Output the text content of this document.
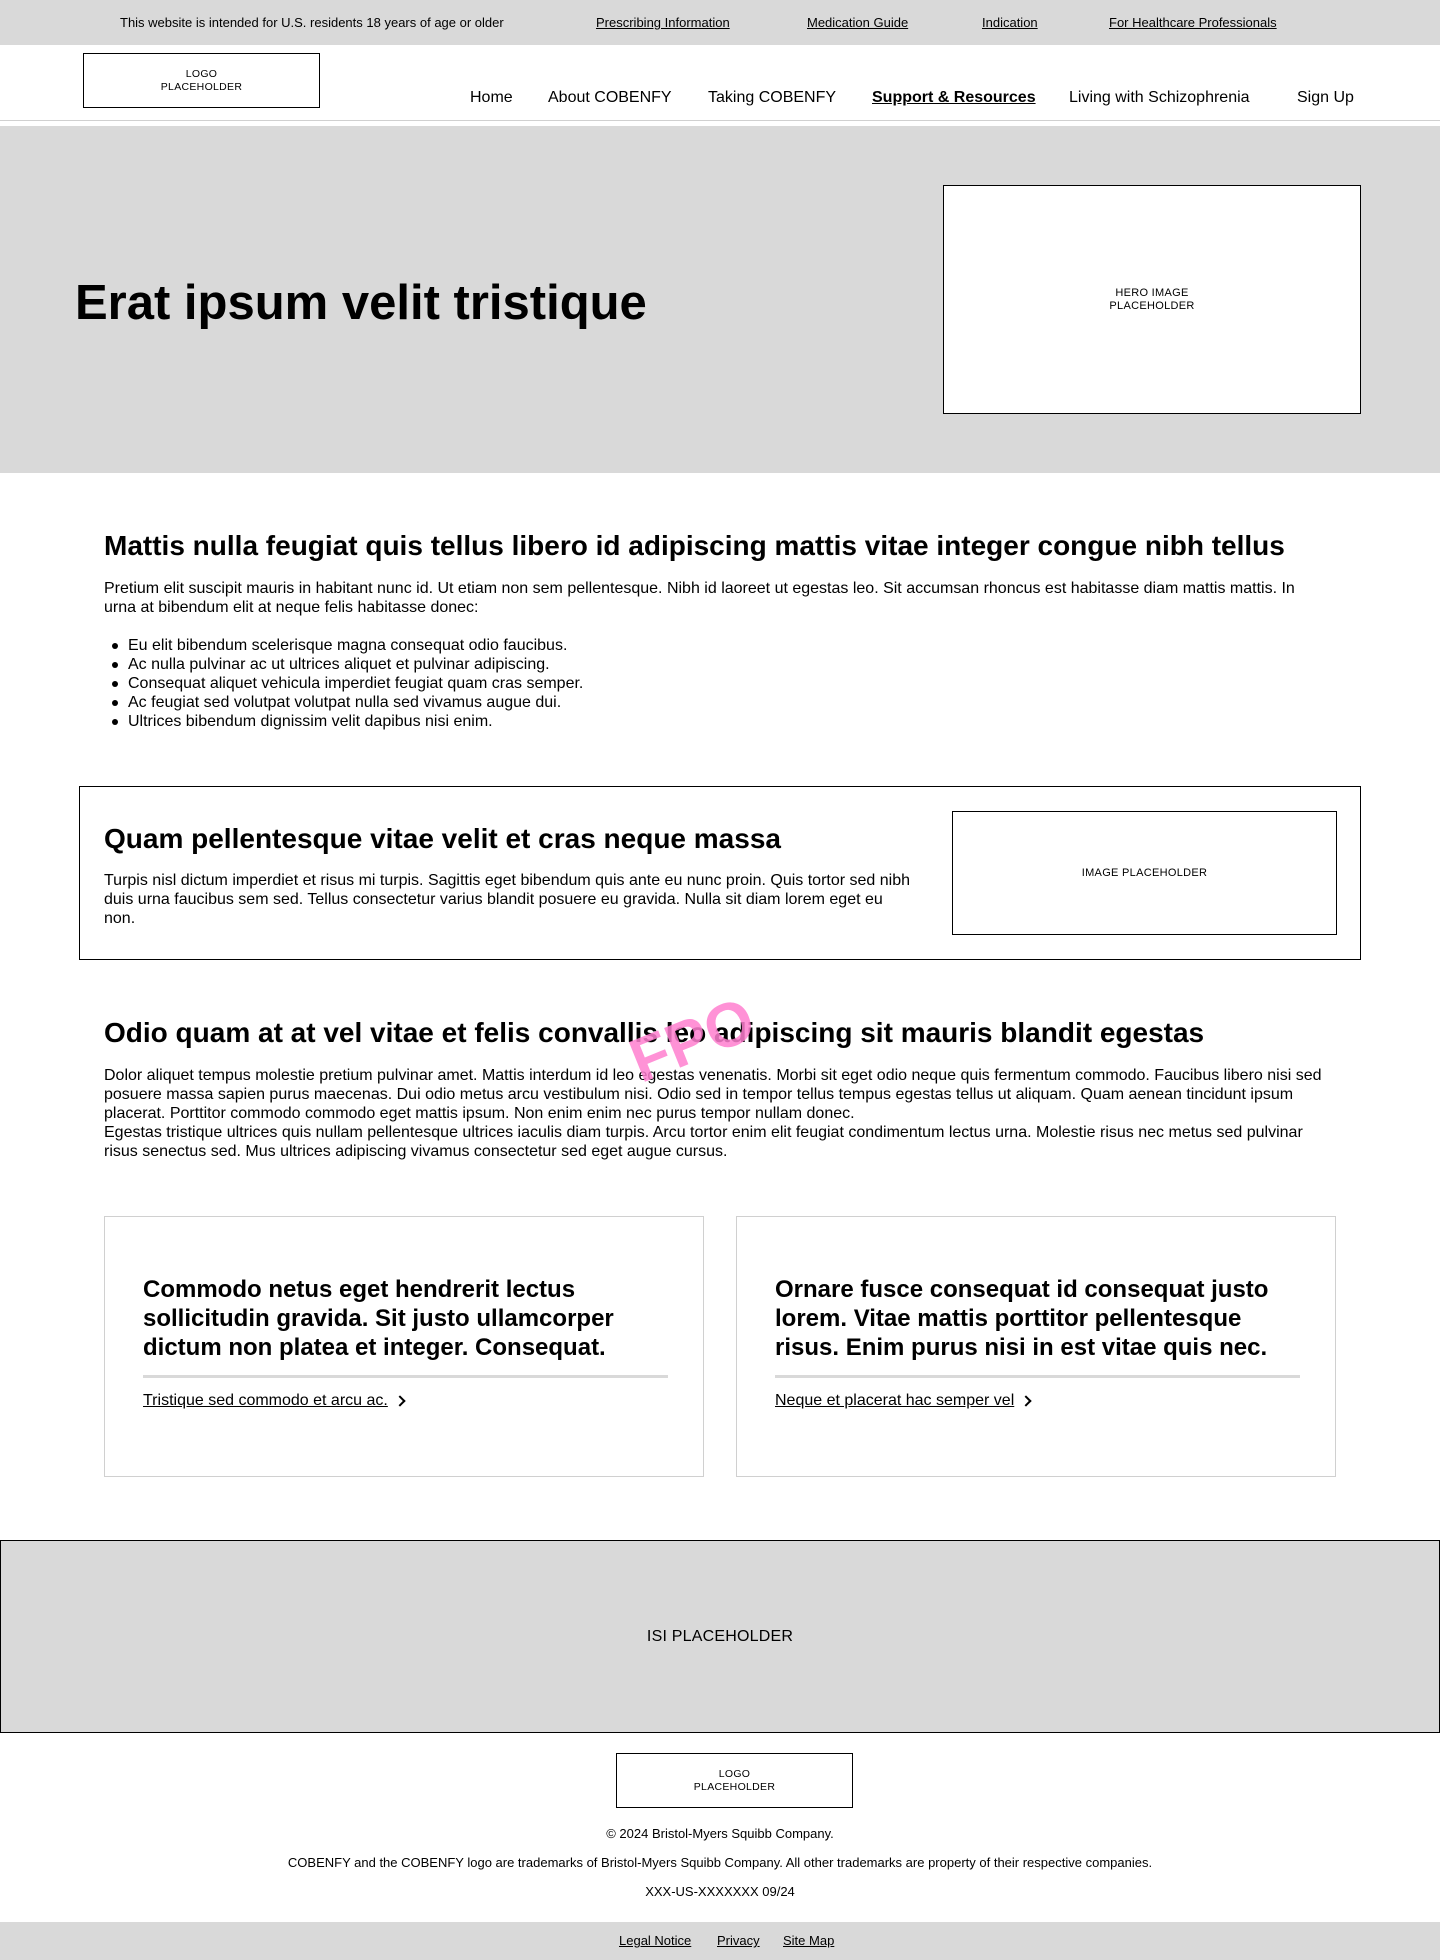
This website is intended for U.S. residents 18 years of age or older	Prescribing Information	Medication Guide	Indication	For Healthcare Professionals
LOGO
PLACEHOLDER
Home About COBENFY Taking COBENFY Support & Resources Living with Schizophrenia	Sign Up
Erat ipsum velit tristique	HERO IMAGE
PLACEHOLDER
Mattis nulla feugiat quis tellus libero id adipiscing mattis vitae integer congue nibh tellus

Pretium elit suscipit mauris in habitant nunc id. Ut etiam non sem pellentesque. Nibh id laoreet ut egestas leo. Sit accumsan rhoncus est habitasse diam mattis mattis. In urna at bibendum elit at neque felis habitasse donec:

Eu elit bibendum scelerisque magna consequat odio faucibus.
Ac nulla pulvinar ac ut ultrices aliquet et pulvinar adipiscing.
Consequat aliquet vehicula imperdiet feugiat quam cras semper.
Ac feugiat sed volutpat volutpat nulla sed vivamus augue dui.
Ultrices bibendum dignissim velit dapibus nisi enim.
Quam pellentesque vitae velit et cras neque massa

Turpis nisl dictum imperdiet et risus mi turpis. Sagittis eget bibendum quis ante eu nunc proin. Quis tortor sed nibh duis urna faucibus sem sed. Tellus consectetur varius blandit posuere eu gravida. Nulla sit diam lorem eget eu non.

IMAGE PLACEHOLDER
Odio quam at at vel vitae et felis convallis leo adipiscing sit mauris blandit egestas

Dolor aliquet tempus molestie pretium pulvinar amet. Mattis interdum id leo egestas venenatis. Morbi sit eget odio neque quis fermentum commodo. Faucibus libero nisi sed posuere massa sapien purus maecenas. Dui odio metus arcu vestibulum nisi. Odio sed in tempor tellus tempus egestas tellus ut aliquam. Quam aenean tincidunt ipsum placerat. Porttitor commodo commodo eget mattis ipsum. Non enim enim nec purus tempor nullam donec.

Egestas tristique ultrices quis nullam pellentesque ultrices iaculis diam turpis. Arcu tortor enim elit feugiat condimentum lectus urna. Molestie risus nec metus sed pulvinar risus senectus sed. Mus ultrices adipiscing vivamus consectetur sed eget augue cursus.

FPO
Commodo netus eget hendrerit lectus sollicitudin gravida. Sit justo ullamcorper dictum non platea et integer. Consequat.
Tristique sed commodo et arcu ac.
Ornare fusce consequat id consequat justo lorem. Vitae mattis porttitor pellentesque risus. Enim purus nisi in est vitae quis nec.
Neque et placerat hac semper vel
ISI PLACEHOLDER
LOGO
PLACEHOLDER

© 2024 Bristol-Myers Squibb Company.

COBENFY and the COBENFY logo are trademarks of Bristol-Myers Squibb Company. All other trademarks are property of their respective companies.

XXX-US-XXXXXXX 09/24

Legal Notice Privacy Site Map
